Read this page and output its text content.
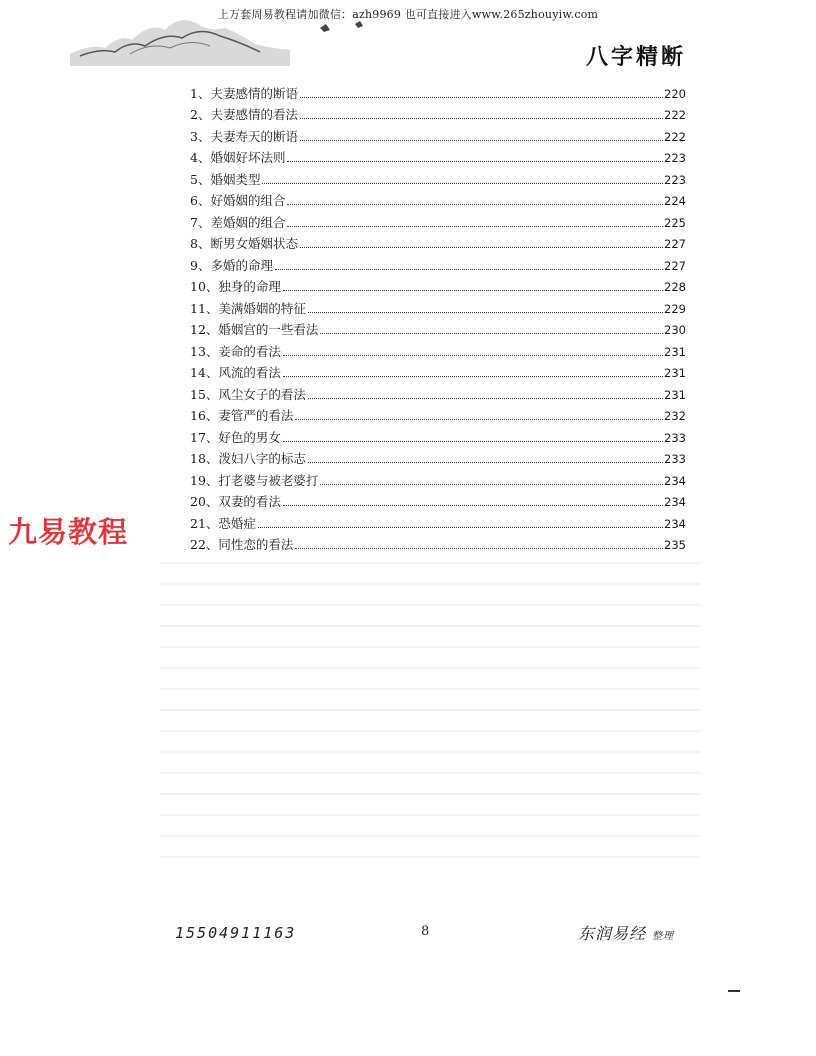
上万套周易教程请加微信：azh9969 也可直接进入www.265zhouyiw.com
八字精断
1、夫妻感情的断语	220
2、夫妻感情的看法	222
3、夫妻寿天的断语	222
4、婚姻好坏法则	223
5、婚姻类型	223
6、好婚姻的组合	224
7、差婚姻的组合	225
8、断男女婚姻状态	227
9、多婚的命理	227
10、独身的命理	228
11、美满婚姻的特征	229
12、婚姻宫的一些看法	230
13、妾命的看法	231
14、风流的看法	231
15、风尘女子的看法	231
16、妻管严的看法	232
17、好色的男女	233
18、泼妇八字的标志	233
19、打老婆与被老婆打	234
20、双妻的看法	234
21、恐婚症	234
22、同性恋的看法	235
九易教程
15504911163	8	东润易经 整理
